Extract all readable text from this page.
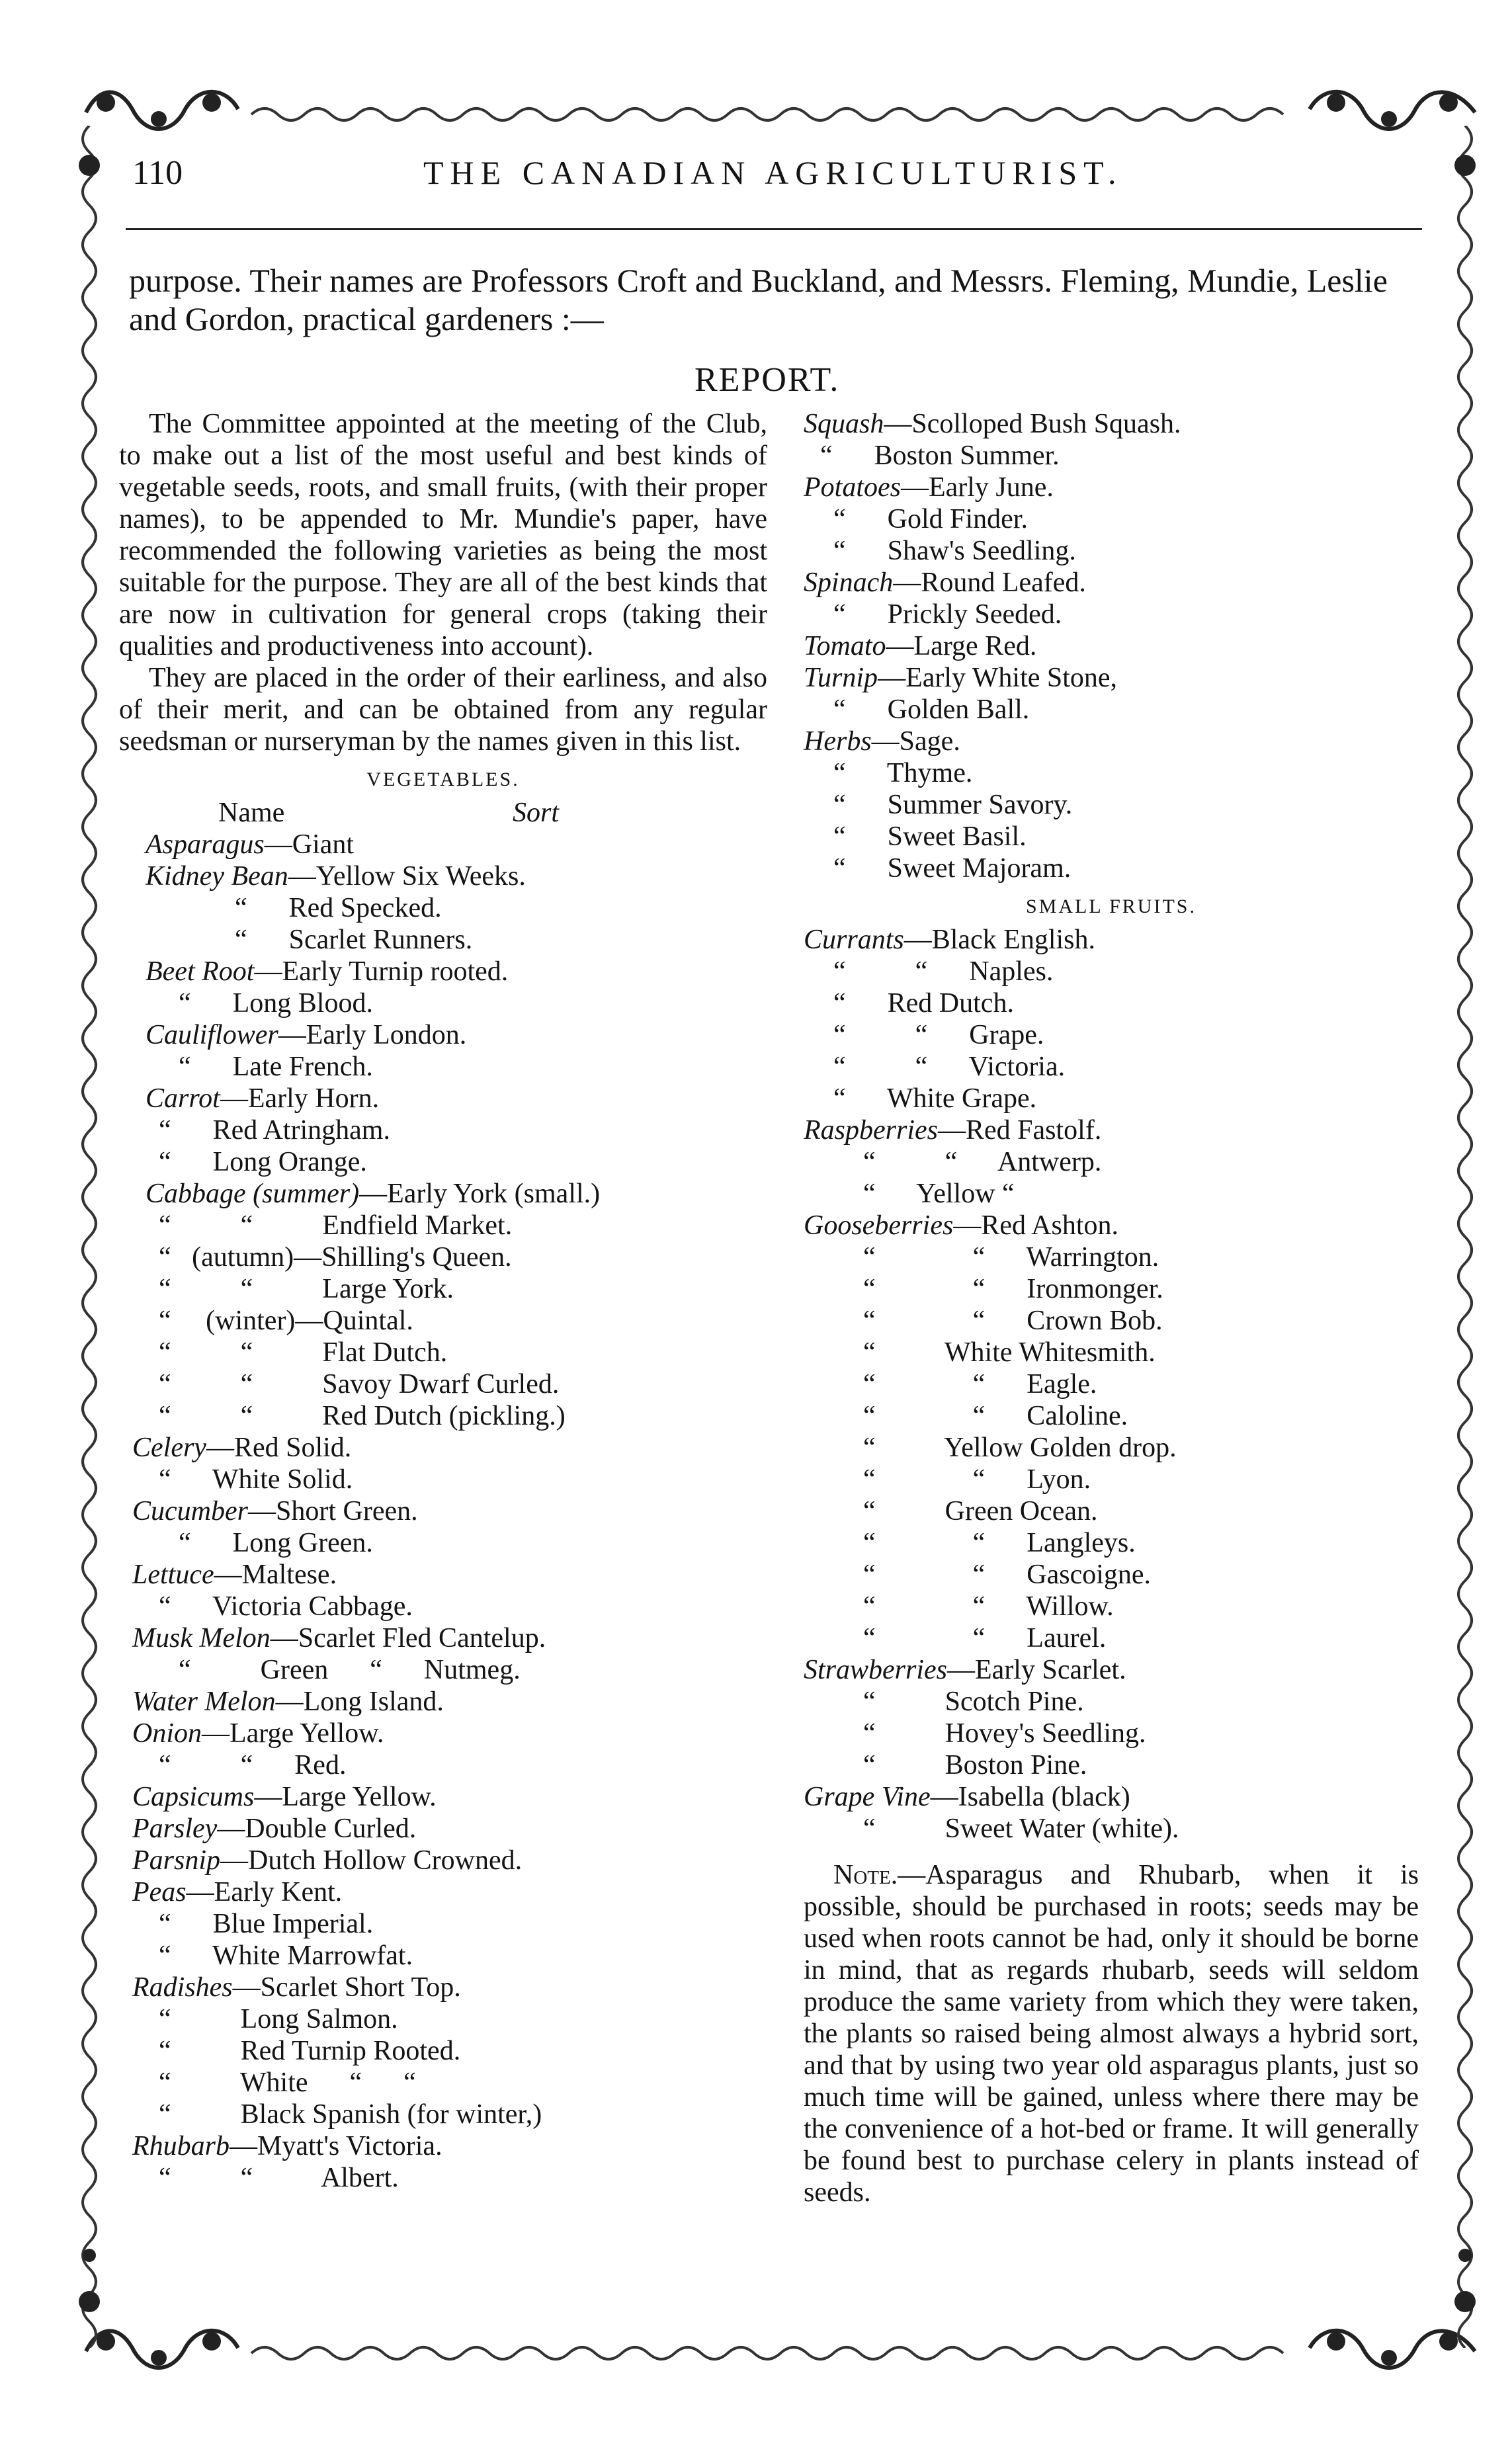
110	THE CANADIAN AGRICULTURIST.

purpose. Their names are Professors Croft and Buckland, and Messrs. Fleming, Mundie, Leslie and Gordon, practical gardeners :—

REPORT.

The Committee appointed at the meeting of the Club, to make out a list of the most useful and best kinds of vegetable seeds, roots, and small fruits, (with their proper names), to be appended to Mr. Mundie's paper, have recommended the following varieties as being the most suitable for the purpose. They are all of the best kinds that are now in cultivation for general crops (taking their qualities and productiveness into account).

They are placed in the order of their earliness, and also of their merit, and can be obtained from any regular seedsman or nurseryman by the names given in this list.

VEGETABLES.
Name	Sort
Asparagus—Giant
Kidney Bean—Yellow Six Weeks.
“      Red Specked.
“      Scarlet Runners.
Beet Root—Early Turnip rooted.
“      Long Blood.
Cauliflower—Early London.
“      Late French.
Carrot—Early Horn.
“      Red Atringham.
“      Long Orange.
Cabbage (summer)—Early York (small.)
“          “          Endfield Market.
“   (autumn)—Shilling's Queen.
“          “          Large York.
“     (winter)—Quintal.
“          “          Flat Dutch.
“          “          Savoy Dwarf Curled.
“          “          Red Dutch (pickling.)
Celery—Red Solid.
“      White Solid.
Cucumber—Short Green.
“      Long Green.
Lettuce—Maltese.
“      Victoria Cabbage.
Musk Melon—Scarlet Fled Cantelup.
“          Green      “      Nutmeg.
Water Melon—Long Island.
Onion—Large Yellow.
“          “      Red.
Capsicums—Large Yellow.
Parsley—Double Curled.
Parsnip—Dutch Hollow Crowned.
Peas—Early Kent.
“      Blue Imperial.
“      White Marrowfat.
Radishes—Scarlet Short Top.
“          Long Salmon.
“          Red Turnip Rooted.
“          White      “      “
“          Black Spanish (for winter,)
Rhubarb—Myatt's Victoria.
“          “          Albert.
Squash—Scolloped Bush Squash.
“      Boston Summer.
Potatoes—Early June.
“      Gold Finder.
“      Shaw's Seedling.
Spinach—Round Leafed.
“      Prickly Seeded.
Tomato—Large Red.
Turnip—Early White Stone,
“      Golden Ball.
Herbs—Sage.
“      Thyme.
“      Summer Savory.
“      Sweet Basil.
“      Sweet Majoram.
SMALL FRUITS.
Currants—Black English.
“          “      Naples.
“      Red Dutch.
“          “      Grape.
“          “      Victoria.
“      White Grape.
Raspberries—Red Fastolf.
“          “      Antwerp.
“      Yellow “
Gooseberries—Red Ashton.
“              “      Warrington.
“              “      Ironmonger.
“              “      Crown Bob.
“          White Whitesmith.
“              “      Eagle.
“              “      Caloline.
“          Yellow Golden drop.
“              “      Lyon.
“          Green Ocean.
“              “      Langleys.
“              “      Gascoigne.
“              “      Willow.
“              “      Laurel.
Strawberries—Early Scarlet.
“          Scotch Pine.
“          Hovey's Seedling.
“          Boston Pine.
Grape Vine—Isabella (black)
“          Sweet Water (white).

Note.—Asparagus and Rhubarb, when it is possible, should be purchased in roots; seeds may be used when roots cannot be had, only it should be borne in mind, that as regards rhubarb, seeds will seldom produce the same variety from which they were taken, the plants so raised being almost always a hybrid sort, and that by using two year old asparagus plants, just so much time will be gained, unless where there may be the convenience of a hot-bed or frame. It will generally be found best to purchase celery in plants instead of seeds.
